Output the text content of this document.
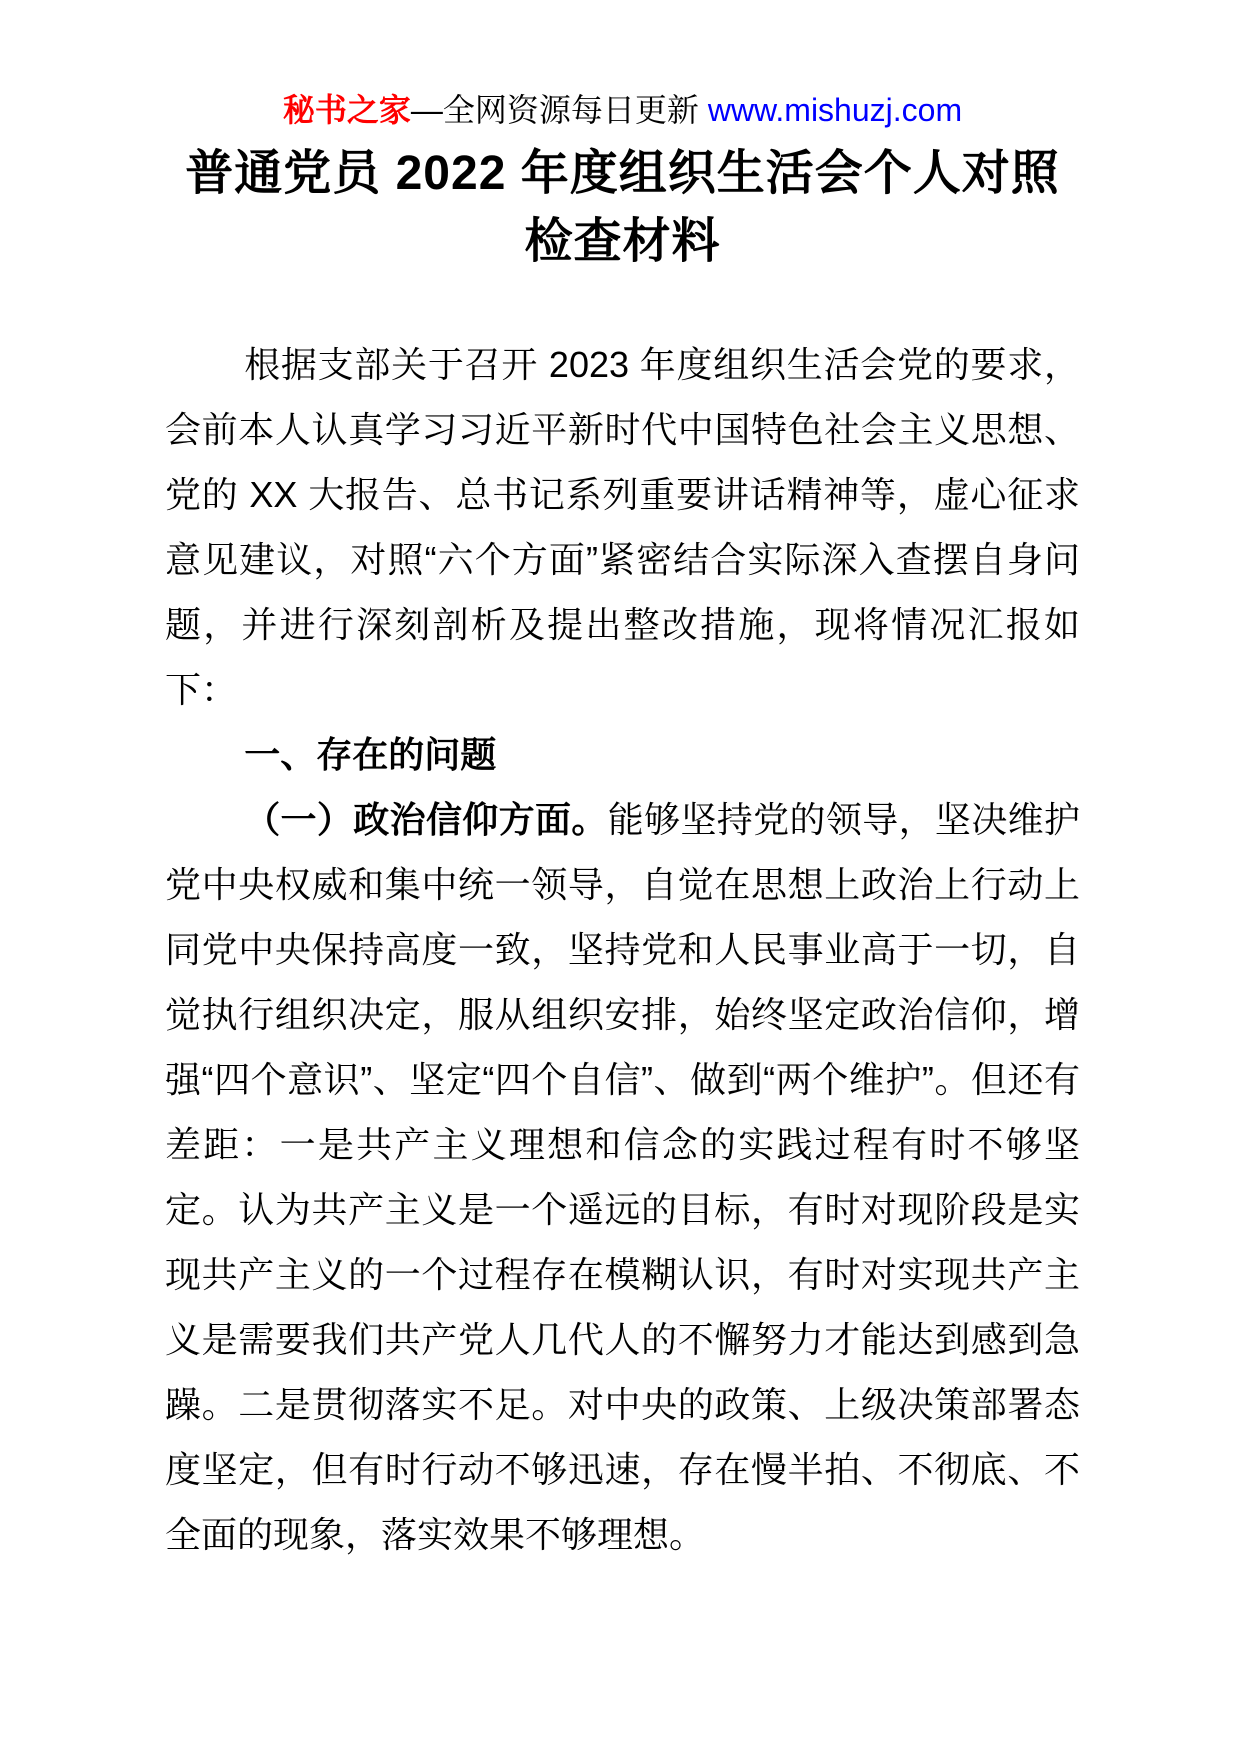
秘书之家—全网资源每日更新 www.mishuzj.com
普通党员 2022 年度组织生活会个人对照
检查材料

根据支部关于召开 2023 年度组织生活会党的要求，会前本人认真学习习近平新时代中国特色社会主义思想、党的 XX 大报告、总书记系列重要讲话精神等，虚心征求意见建议，对照“六个方面”紧密结合实际深入查摆自身问题，并进行深刻剖析及提出整改措施，现将情况汇报如下：

一、存在的问题

（一）政治信仰方面。能够坚持党的领导，坚决维护党中央权威和集中统一领导，自觉在思想上政治上行动上同党中央保持高度一致，坚持党和人民事业高于一切，自觉执行组织决定，服从组织安排，始终坚定政治信仰，增强“四个意识”、坚定“四个自信”、做到“两个维护”。但还有差距：一是共产主义理想和信念的实践过程有时不够坚定。认为共产主义是一个遥远的目标，有时对现阶段是实现共产主义的一个过程存在模糊认识，有时对实现共产主义是需要我们共产党人几代人的不懈努力才能达到感到急躁。二是贯彻落实不足。对中央的政策、上级决策部署态度坚定，但有时行动不够迅速，存在慢半拍、不彻底、不全面的现象，落实效果不够理想。
